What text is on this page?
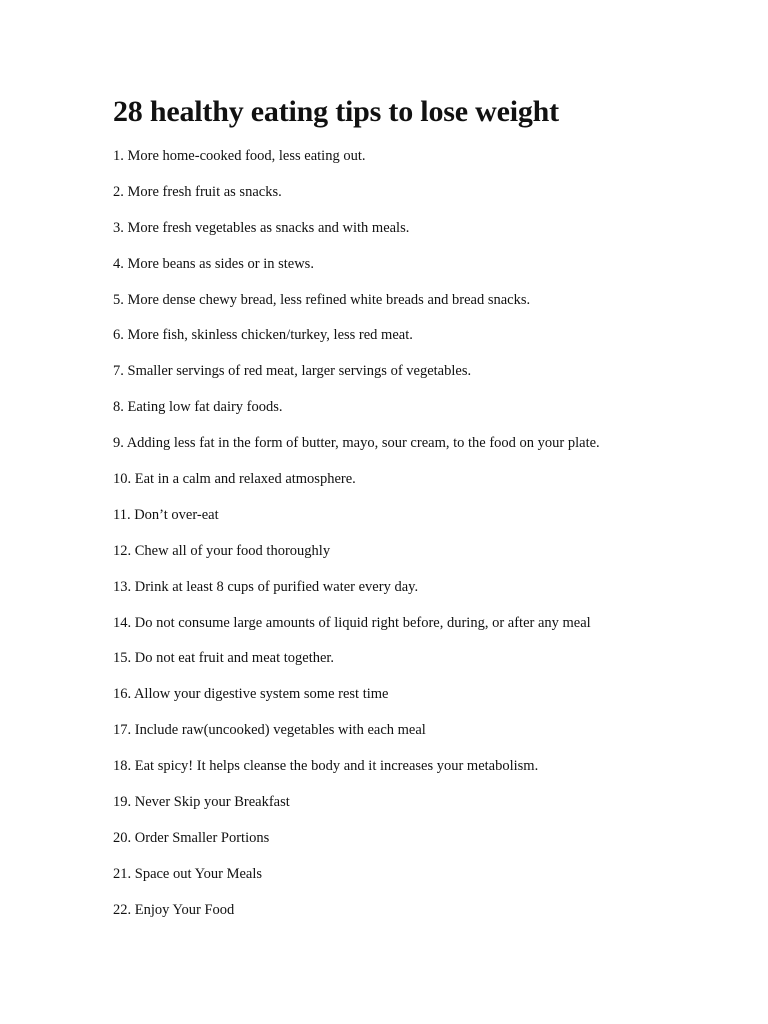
28 healthy eating tips to lose weight
1. More home-cooked food, less eating out.
2. More fresh fruit as snacks.
3. More fresh vegetables as snacks and with meals.
4. More beans as sides or in stews.
5. More dense chewy bread, less refined white breads and bread snacks.
6. More fish, skinless chicken/turkey, less red meat.
7. Smaller servings of red meat, larger servings of vegetables.
8. Eating low fat dairy foods.
9. Adding less fat in the form of butter, mayo, sour cream, to the food on your plate.
10. Eat in a calm and relaxed atmosphere.
11. Don’t over-eat
12. Chew all of your food thoroughly
13. Drink at least 8 cups of purified water every day.
14. Do not consume large amounts of liquid right before, during, or after any meal
15. Do not eat fruit and meat together.
16. Allow your digestive system some rest time
17. Include raw(uncooked) vegetables with each meal
18. Eat spicy! It helps cleanse the body and it increases your metabolism.
19. Never Skip your Breakfast
20. Order Smaller Portions
21. Space out Your Meals
22. Enjoy Your Food
